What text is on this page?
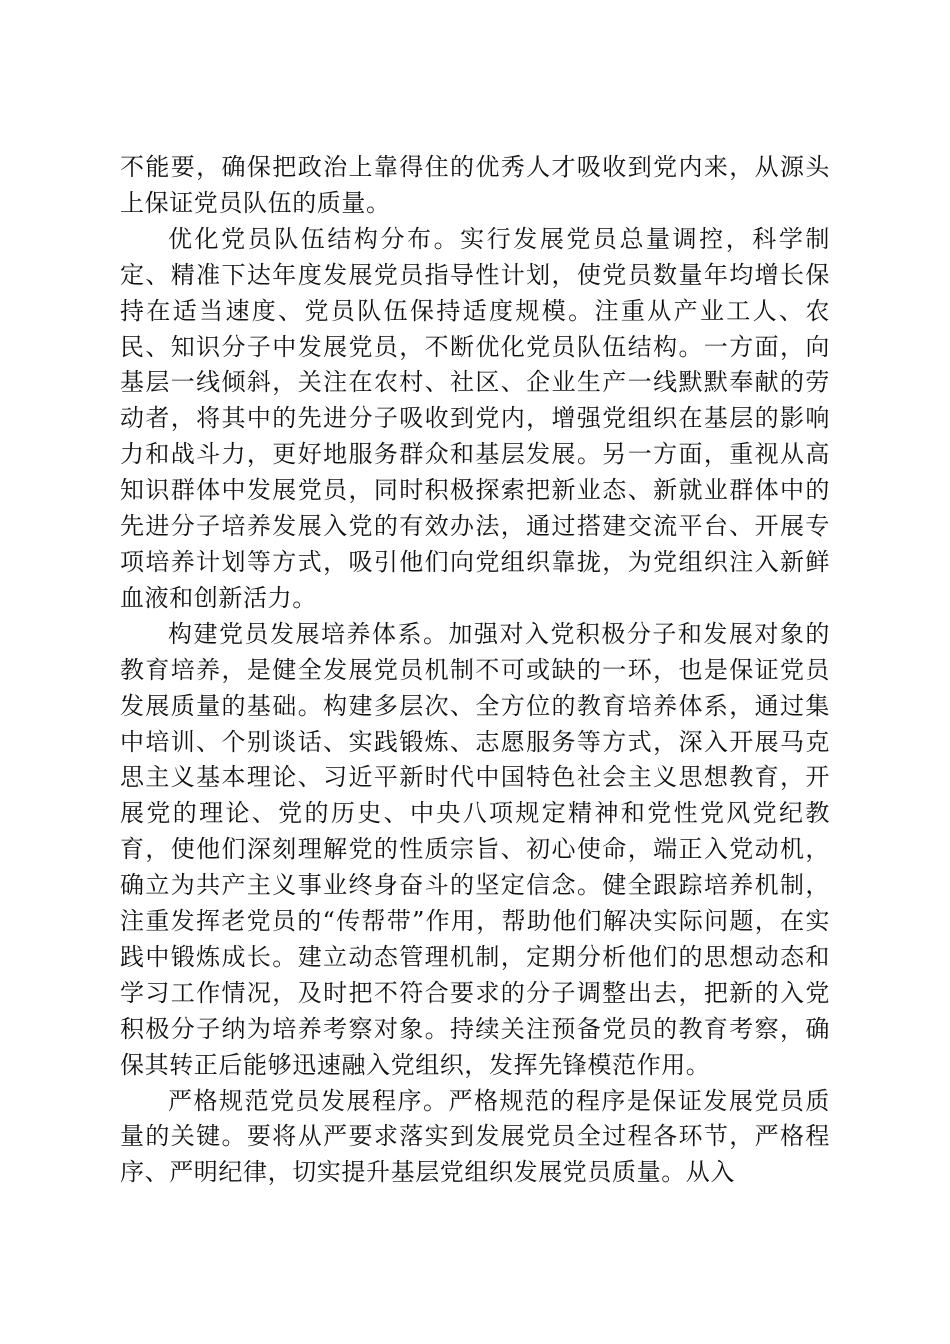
不能要，确保把政治上靠得住的优秀人才吸收到党内来，从源头上保证党员队伍的质量。

优化党员队伍结构分布。实行发展党员总量调控，科学制定、精准下达年度发展党员指导性计划，使党员数量年均增长保持在适当速度、党员队伍保持适度规模。注重从产业工人、农民、知识分子中发展党员，不断优化党员队伍结构。一方面，向基层一线倾斜，关注在农村、社区、企业生产一线默默奉献的劳动者，将其中的先进分子吸收到党内，增强党组织在基层的影响力和战斗力，更好地服务群众和基层发展。另一方面，重视从高知识群体中发展党员，同时积极探索把新业态、新就业群体中的先进分子培养发展入党的有效办法，通过搭建交流平台、开展专项培养计划等方式，吸引他们向党组织靠拢，为党组织注入新鲜血液和创新活力。

构建党员发展培养体系。加强对入党积极分子和发展对象的教育培养，是健全发展党员机制不可或缺的一环，也是保证党员发展质量的基础。构建多层次、全方位的教育培养体系，通过集中培训、个别谈话、实践锻炼、志愿服务等方式，深入开展马克思主义基本理论、习近平新时代中国特色社会主义思想教育，开展党的理论、党的历史、中央八项规定精神和党性党风党纪教育，使他们深刻理解党的性质宗旨、初心使命，端正入党动机，确立为共产主义事业终身奋斗的坚定信念。健全跟踪培养机制，注重发挥老党员的“传帮带”作用，帮助他们解决实际问题，在实践中锻炼成长。建立动态管理机制，定期分析他们的思想动态和学习工作情况，及时把不符合要求的分子调整出去，把新的入党积极分子纳为培养考察对象。持续关注预备党员的教育考察，确保其转正后能够迅速融入党组织，发挥先锋模范作用。

严格规范党员发展程序。严格规范的程序是保证发展党员质量的关键。要将从严要求落实到发展党员全过程各环节，严格程序、严明纪律，切实提升基层党组织发展党员质量。从入
